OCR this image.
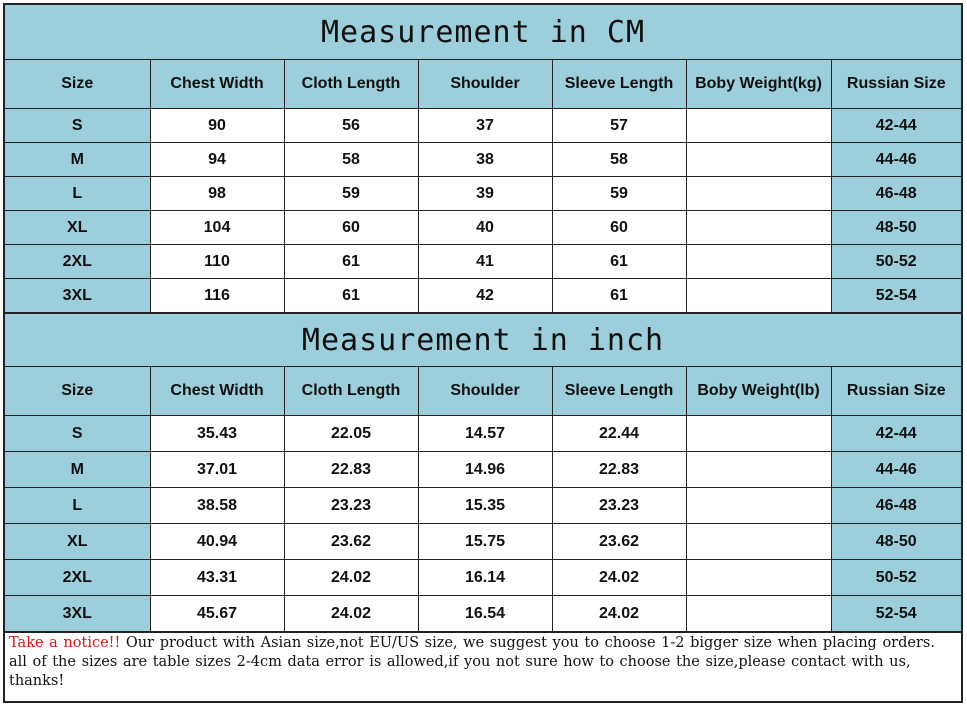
Measurement in CM
Size	Chest Width	Cloth Length	Shoulder	Sleeve Length	Boby Weight(kg)	Russian Size
S	90	56	37	57		42-44
M	94	58	38	58		44-46
L	98	59	39	59		46-48
XL	104	60	40	60		48-50
2XL	110	61	41	61		50-52
3XL	116	61	42	61		52-54
Measurement in inch
Size	Chest Width	Cloth Length	Shoulder	Sleeve Length	Boby Weight(lb)	Russian Size
S	35.43	22.05	14.57	22.44		42-44
M	37.01	22.83	14.96	22.83		44-46
L	38.58	23.23	15.35	23.23		46-48
XL	40.94	23.62	15.75	23.62		48-50
2XL	43.31	24.02	16.14	24.02		50-52
3XL	45.67	24.02	16.54	24.02		52-54
Take a notice!! Our product with Asian size,not EU/US size, we suggest you to choose 1-2 bigger size when placing orders. all of the sizes are table sizes 2-4cm data error is allowed,if you not sure how to choose the size,please contact with us, thanks!
